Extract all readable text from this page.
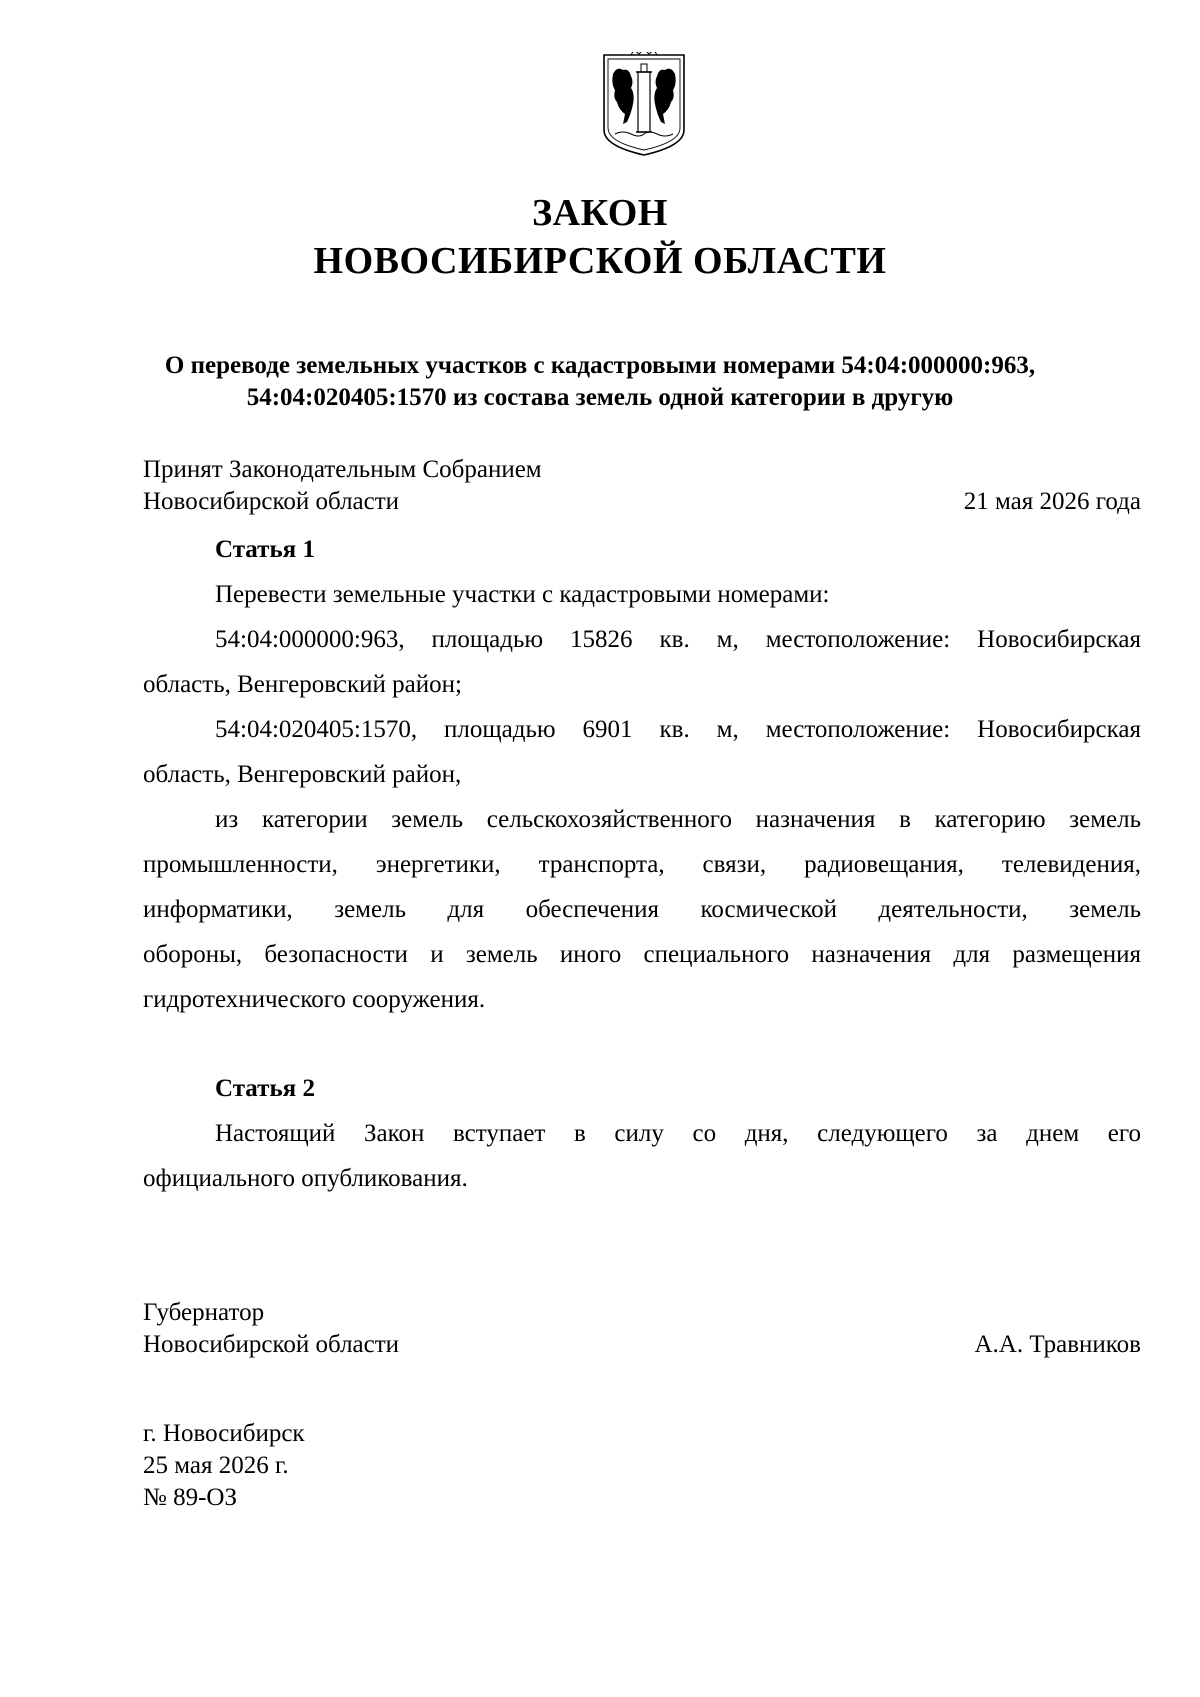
ЗАКОН
НОВОСИБИРСКОЙ ОБЛАСТИ
О переводе земельных участков с кадастровыми номерами 54:04:000000:963,
54:04:020405:1570 из состава земель одной категории в другую
Принят Законодательным Собранием
Новосибирской области	21 мая 2026 года
Статья 1
Перевести земельные участки с кадастровыми номерами:
54:04:000000:963, площадью 15826 кв. м, местоположение: Новосибирская
область, Венгеровский район;
54:04:020405:1570, площадью 6901 кв. м, местоположение: Новосибирская
область, Венгеровский район,
из категории земель сельскохозяйственного назначения в категорию земель
промышленности, энергетики, транспорта, связи, радиовещания, телевидения,
информатики, земель для обеспечения космической деятельности, земель
обороны, безопасности и земель иного специального назначения для размещения
гидротехнического сооружения.
Статья 2
Настоящий Закон вступает в силу со дня, следующего за днем его
официального опубликования.
Губернатор
Новосибирской области	А.А. Травников
г. Новосибирск
25 мая 2026 г.
№ 89-ОЗ
